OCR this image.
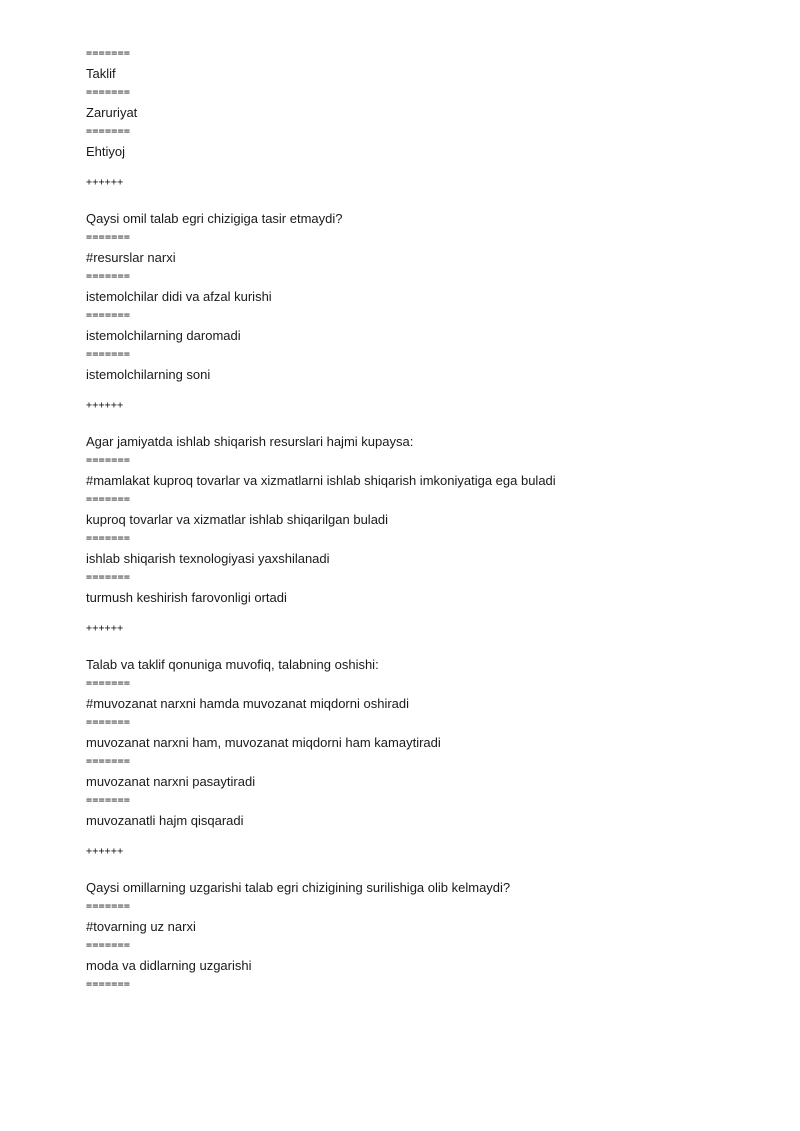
=======
Taklif
=======
Zaruriyat
=======
Ehtiyoj
++++++
Qaysi omil talab egri chizigiga tasir etmaydi?
=======
#resurslar narxi
=======
istemolchilar didi va afzal kurishi
=======
istemolchilarning daromadi
=======
istemolchilarning soni
++++++
Agar jamiyatda ishlab shiqarish resurslari hajmi kupaysa:
=======
#mamlakat kuproq tovarlar va xizmatlarni ishlab shiqarish imkoniyatiga ega buladi
=======
kuproq tovarlar va xizmatlar ishlab shiqarilgan buladi
=======
ishlab shiqarish texnologiyasi yaxshilanadi
=======
turmush keshirish farovonligi ortadi
++++++
Talab va taklif qonuniga muvofiq, talabning oshishi:
=======
#muvozanat narxni hamda muvozanat miqdorni oshiradi
=======
muvozanat narxni ham, muvozanat miqdorni ham kamaytiradi
=======
muvozanat narxni pasaytiradi
=======
muvozanatli hajm qisqaradi
++++++
Qaysi omillarning uzgarishi talab egri chizigining surilishiga olib kelmaydi?
=======
#tovarning uz narxi
=======
moda va didlarning uzgarishi
=======
